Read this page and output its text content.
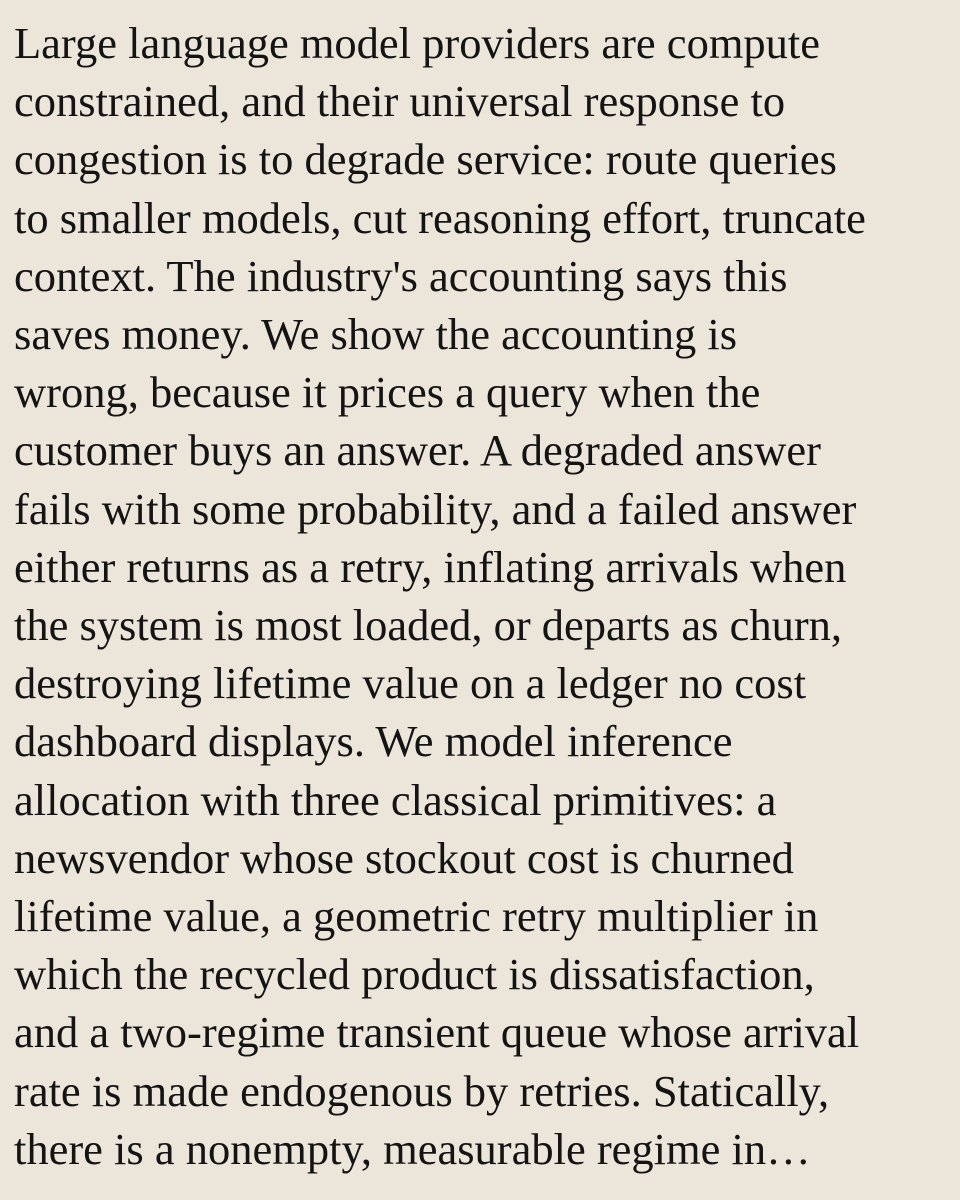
Large language model providers are compute
constrained, and their universal response to
congestion is to degrade service: route queries
to smaller models, cut reasoning effort, truncate
context. The industry's accounting says this
saves money. We show the accounting is
wrong, because it prices a query when the
customer buys an answer. A degraded answer
fails with some probability, and a failed answer
either returns as a retry, inflating arrivals when
the system is most loaded, or departs as churn,
destroying lifetime value on a ledger no cost
dashboard displays. We model inference
allocation with three classical primitives: a
newsvendor whose stockout cost is churned
lifetime value, a geometric retry multiplier in
which the recycled product is dissatisfaction,
and a two-regime transient queue whose arrival
rate is made endogenous by retries. Statically,
there is a nonempty, measurable regime in…
